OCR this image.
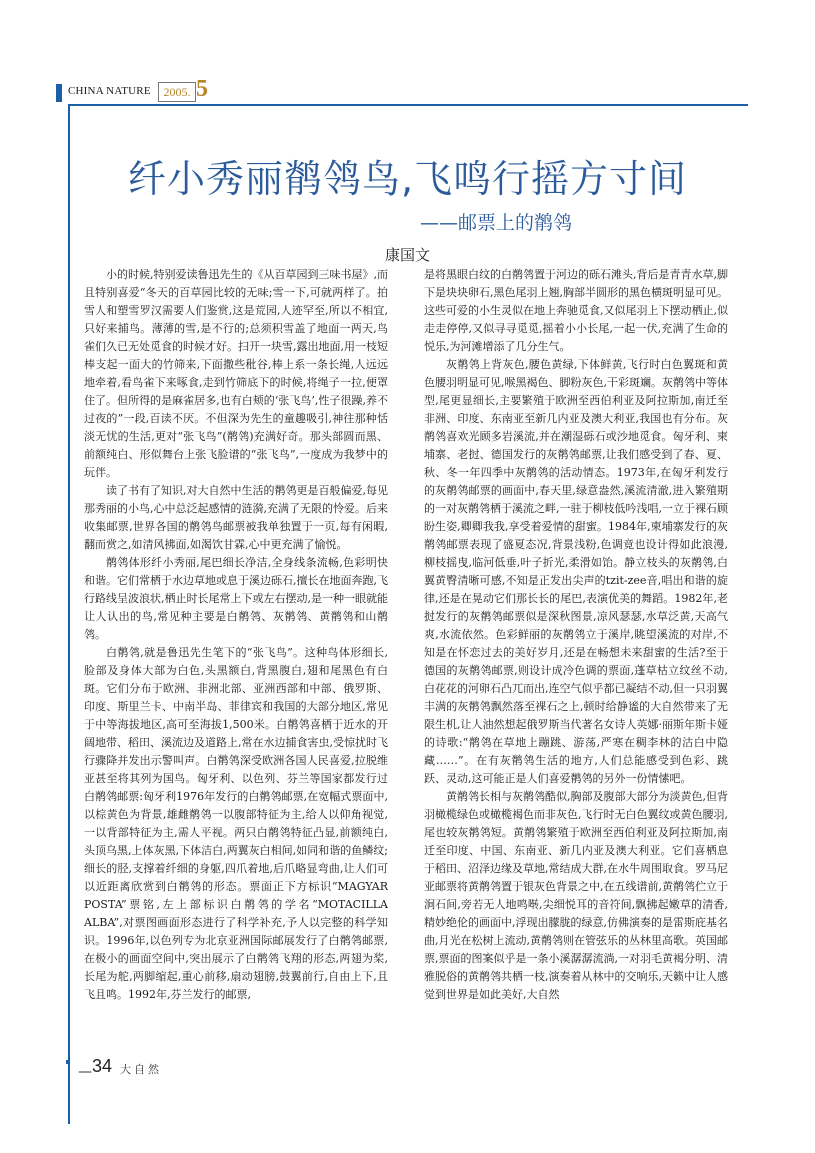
CHINA NATURE	2005. 5
纤小秀丽鹡鸰鸟,飞鸣行摇方寸间
——邮票上的鹡鸰
康国文

小的时候,特别爱读鲁迅先生的《从百草园到三味书屋》,而且特别喜爱“冬天的百草园比较的无味;雪一下,可就两样了。拍雪人和塑雪罗汉需要人们鉴赏,这是荒园,人迹罕至,所以不相宜,只好来捕鸟。薄薄的雪,是不行的;总须积雪盖了地面一两天,鸟雀们久已无处觅食的时候才好。扫开一块雪,露出地面,用一枝短棒支起一面大的竹筛来,下面撒些秕谷,棒上系一条长绳,人远远地牵着,看鸟雀下来啄食,走到竹筛底下的时候,将绳子一拉,便罩住了。但所得的是麻雀居多,也有白颊的‘张飞鸟’,性子很躁,养不过夜的”一段,百读不厌。不但深为先生的童趣吸引,神往那种恬淡无忧的生活,更对“张飞鸟”(鹡鸰)充满好奇。那头部圆而黑、前额纯白、形似舞台上张飞脸谱的“张飞鸟”,一度成为我梦中的玩伴。

读了书有了知识,对大自然中生活的鹡鸰更是百般偏爱,每见那秀丽的小鸟,心中总泛起感情的涟漪,充满了无限的怜爱。后来收集邮票,世界各国的鹡鸰鸟邮票被我单独置于一页,每有闲暇,翻而赏之,如清风拂面,如渴饮甘霖,心中更充满了愉悦。

鹡鸰体形纤小秀丽,尾巴细长净洁,全身线条流畅,色彩明快和谐。它们常栖于水边草地或息于溪边砾石,擅长在地面奔跑,飞行路线呈波浪状,栖止时长尾常上下或左右摆动,是一种一眼就能让人认出的鸟,常见种主要是白鹡鸰、灰鹡鸰、黄鹡鸰和山鹡鸰。

白鹡鸰,就是鲁迅先生笔下的“张飞鸟”。这种鸟体形细长,脸部及身体大部为白色,头黑额白,背黑腹白,翅和尾黑色有白斑。它们分布于欧洲、非洲北部、亚洲西部和中部、俄罗斯、印度、斯里兰卡、中南半岛、菲律宾和我国的大部分地区,常见于中等海拔地区,高可至海拔1,500米。白鹡鸰喜栖于近水的开阔地带、稻田、溪流边及道路上,常在水边捕食害虫,受惊扰时飞行骤降并发出示警叫声。白鹡鸰深受欧洲各国人民喜爱,拉脱维亚甚至将其列为国鸟。匈牙利、以色列、芬兰等国家都发行过白鹡鸰邮票:匈牙利1976年发行的白鹡鸰邮票,在宽幅式票面中,以棕黄色为背景,雄雌鹡鸰一以腹部特征为主,给人以仰角视觉,一以背部特征为主,需人平视。两只白鹡鸰特征凸显,前额纯白,头顶乌黑,上体灰黑,下体洁白,两翼灰白相间,如同和谐的鱼鳞纹;细长的胫,支撑着纤细的身躯,四爪着地,后爪略显弯曲,让人们可以近距离欣赏到白鹡鸰的形态。票面正下方标识“MAGYAR POSTA”票铭,左上部标识白鹡鸰的学名“MOTACILLA ALBA”,对票图画面形态进行了科学补充,予人以完整的科学知识。1996年,以色列专为北京亚洲国际邮展发行了白鹡鸰邮票,在极小的画面空间中,突出展示了白鹡鸰飞翔的形态,两翅为桨,长尾为舵,两脚缩起,重心前移,扇动翅膀,鼓翼前行,自由上下,且飞且鸣。1992年,芬兰发行的邮票,

是将黑眼白纹的白鹡鸰置于河边的砾石滩头,背后是青青水草,脚下是块块卵石,黑色尾羽上翘,胸部半圆形的黑色横斑明显可见。这些可爱的小生灵似在地上奔驰觅食,又似尾羽上下摆动栖止,似走走停停,又似寻寻觅觅,摇着小小长尾,一起一伏,充满了生命的悦乐,为河滩增添了几分生气。

灰鹡鸰上背灰色,腰色黄绿,下体鲜黄,飞行时白色翼斑和黄色腰羽明显可见,喉黑褐色、脚粉灰色,干彩斑斓。灰鹡鸰中等体型,尾更显细长,主要繁殖于欧洲至西伯利亚及阿拉斯加,南迁至非洲、印度、东南亚至新几内亚及澳大利亚,我国也有分布。灰鹡鸰喜欢光顾多岩溪流,并在潮湿砾石或沙地觅食。匈牙利、柬埔寨、老挝、德国发行的灰鹡鸰邮票,让我们感受到了春、夏、秋、冬一年四季中灰鹡鸰的活动情态。1973年,在匈牙利发行的灰鹡鸰邮票的画面中,春天里,绿意盎然,溪流清澈,进入繁殖期的一对灰鹡鸰栖于溪流之畔,一驻于柳枝低吟浅唱,一立于裸石顾盼生姿,卿卿我我,享受着爱情的甜蜜。1984年,柬埔寨发行的灰鹡鸰邮票表现了盛夏态况,背景浅粉,色调竟也设计得如此浪漫,柳枝摇曳,临河低垂,叶子折光,柔滑如饴。静立枝头的灰鹡鸰,白翼黄臀清晰可感,不知是正发出尖声的tzit-zee音,唱出和谐的旋律,还是在晃动它们那长长的尾巴,表演优美的舞蹈。1982年,老挝发行的灰鹡鸰邮票似是深秋图景,凉风瑟瑟,水草泛黄,天高气爽,水流依然。色彩鲜丽的灰鹡鸰立于溪岸,眺望溪流的对岸,不知是在怀恋过去的美好岁月,还是在畅想未来甜蜜的生活?至于德国的灰鹡鸰邮票,则设计成冷色调的票面,蓬草枯立纹丝不动,白花花的河卵石凸兀而出,连空气似乎都已凝结不动,但一只羽翼丰满的灰鹡鸰飘然落至裸石之上,顿时给静谧的大自然带来了无限生机,让人油然想起俄罗斯当代著名女诗人英娜·丽斯年斯卡娅的诗歌:“鹡鸰在草地上蹦跳、游荡,严寒在稠李林的沽白中隐藏……”。在有灰鹡鸰生活的地方,人们总能感受到色彩、跳跃、灵动,这可能正是人们喜爱鹡鸰的另外一份情愫吧。

黄鹡鸰长相与灰鹡鸰酷似,胸部及腹部大部分为淡黄色,但背羽橄榄绿色或橄榄褐色而非灰色,飞行时无白色翼纹或黄色腰羽,尾也较灰鹡鸰短。黄鹡鸰繁殖于欧洲至西伯利亚及阿拉斯加,南迁至印度、中国、东南亚、新几内亚及澳大利亚。它们喜栖息于稻田、沼泽边缘及草地,常结成大群,在水牛周围取食。罗马尼亚邮票将黄鹡鸰置于银灰色背景之中,在五线谱前,黄鹡鸰伫立于涧石间,旁若无人地鸣啭,尖细悦耳的音符间,飘拂起嫩草的清香,精妙绝伦的画面中,浮现出朦胧的绿意,仿佛演奏的是雷斯庇基名曲,月光在松树上流动,黄鹡鸰则在管弦乐的丛林里高歌。英国邮票,票面的图案似乎是一条小溪潺潺流淌,一对羽毛黄褐分明、清雅脱俗的黄鹡鸰共栖一枝,演奏着从林中的交响乐,天籁中让人感觉到世界是如此美好,大自然

— 34 大自然
